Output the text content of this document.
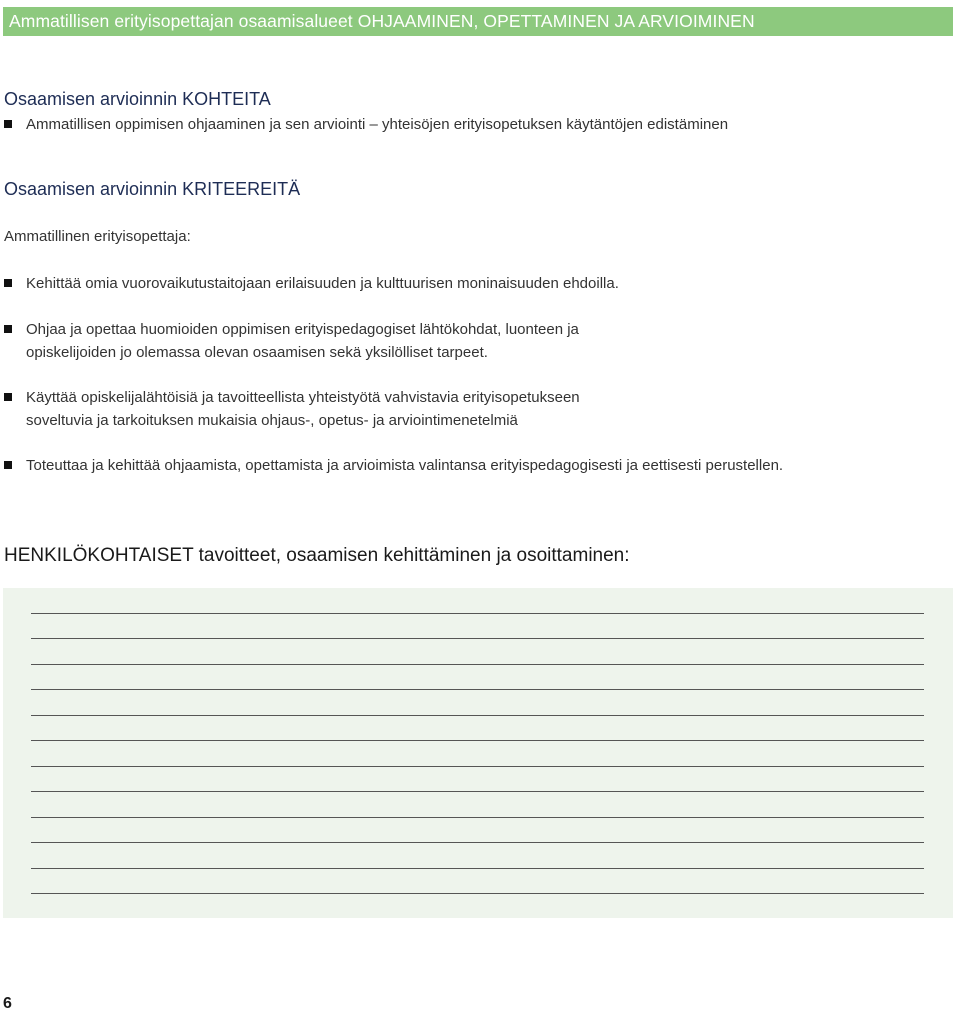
Ammatillisen erityisopettajan osaamisalueet OHJAAMINEN, OPETTAMINEN JA ARVIOIMINEN
Osaamisen arvioinnin KOHTEITA
Ammatillisen oppimisen ohjaaminen ja sen arviointi – yhteisöjen erityisopetuksen käytäntöjen edistäminen
Osaamisen arvioinnin KRITEEREITÄ
Ammatillinen erityisopettaja:
Kehittää omia vuorovaikutustaitojaan erilaisuuden ja kulttuurisen moninaisuuden ehdoilla.
Ohjaa ja opettaa huomioiden oppimisen erityispedagogiset lähtökohdat, luonteen ja
opiskelijoiden jo olemassa olevan osaamisen sekä yksilölliset tarpeet.
Käyttää opiskelijalähtöisiä ja tavoitteellista yhteistyötä vahvistavia erityisopetukseen
soveltuvia ja tarkoituksen mukaisia ohjaus-, opetus- ja arviointimenetelmiä
Toteuttaa ja kehittää ohjaamista, opettamista ja arvioimista valintansa erityispedagogisesti ja eettisesti perustellen.
HENKILÖKOHTAISET tavoitteet, osaamisen kehittäminen ja osoittaminen:
6
